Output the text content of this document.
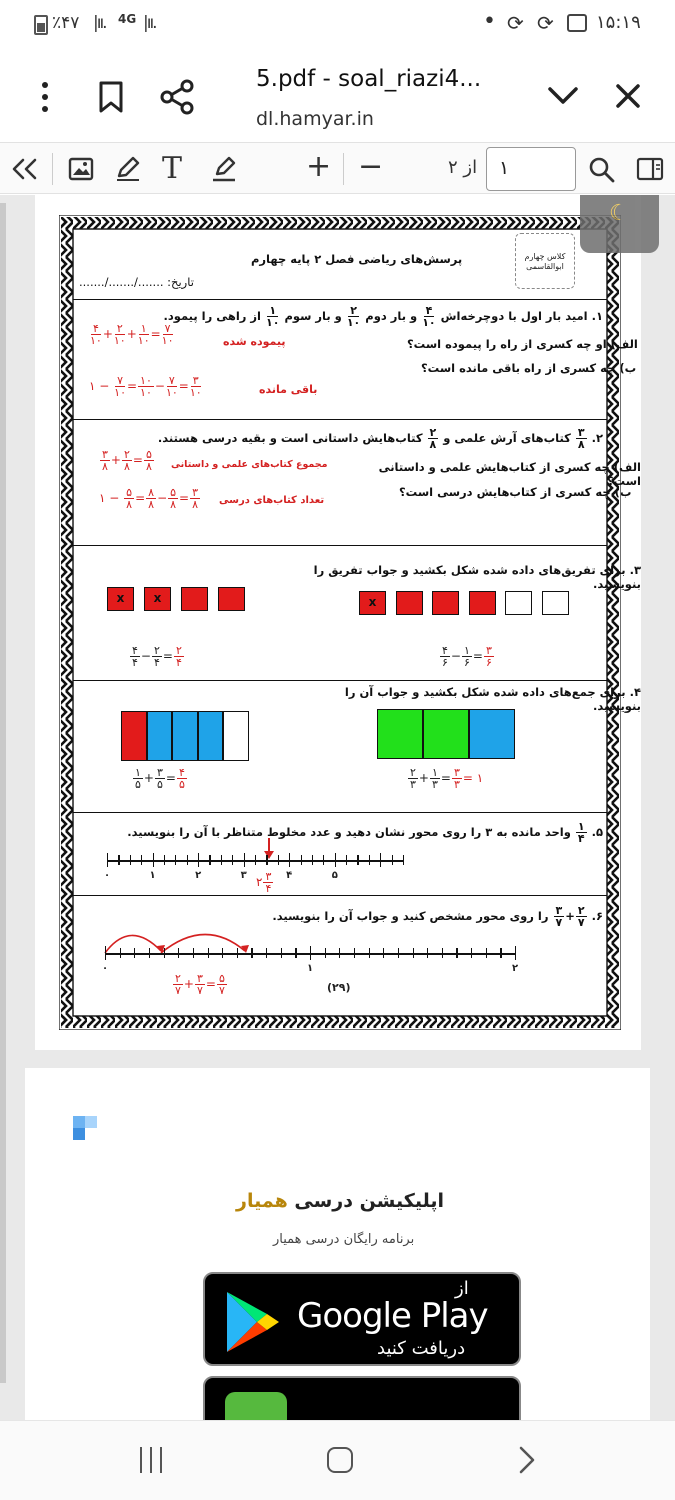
٪۴۷ |ıı. 4G |ıı.	• ⟳ ⟳ ۱۵:۱۹
5.pdf - soal_riazi4...
dl.hamyar.in
T	+ −	از ۲ ۱
کلاس چهارم
ابوالقاسمی
پرسش‌های ریاضی فصل ۲ پایه چهارم
تاریخ: ......./......./.......
۱. امید بار اول با دوچرخه‌اش
$\frac{۴}{۱۰}$
و بار دوم
$\frac{۲}{۱۰}$
و بار سوم
$\frac{۱}{۱۰}$
از راهی را پیمود.
الف) او چه کسری از راه را پیموده است؟
ب) چه کسری از راه باقی مانده است؟
$\frac{۴}{۱۰} + \frac{۲}{۱۰} + \frac{۱}{۱۰} = \frac{۷}{۱۰}$	پیموده شده
۱ − $\frac{۷}{۱۰} = \frac{۱۰}{۱۰} - \frac{۷}{۱۰} = \frac{۳}{۱۰}$	باقی مانده
۲.
$\frac{۳}{۸}$
کتاب‌های آرش علمی و
$\frac{۲}{۸}$
کتاب‌هایش داستانی است و بقیه درسی هستند.
الف) چه کسری از کتاب‌هایش علمی و داستانی است؟
ب) چه کسری از کتاب‌هایش درسی است؟
$\frac{۳}{۸} + \frac{۲}{۸} = \frac{۵}{۸}$ مجموع کتاب‌های علمی و داستانی
۱ − $\frac{۵}{۸} = \frac{۸}{۸} - \frac{۵}{۸} = \frac{۳}{۸}$ تعداد کتاب‌های درسی
۳. برای تفریق‌های داده شده شکل بکشید و جواب تفریق را بنویسید.
$\frac{۴}{۴} - \frac{۲}{۴} = \frac{۲}{۴}$	$\frac{۴}{۶} - \frac{۱}{۶} = \frac{۳}{۶}$
۴. برای جمع‌های داده شده شکل بکشید و جواب آن را بنویسید.
$\frac{۱}{۵} + \frac{۳}{۵} = \frac{۴}{۵}$	$\frac{۲}{۳} + \frac{۱}{۳} = \frac{۳}{۳}$ = ۱
۵.
$\frac{۱}{۴}$
واحد مانده به ۳ را روی محور نشان دهید و عدد مخلوط متناظر با آن را بنویسید.
۲ $\frac{۳}{۴}$
۶.
$\frac{۲}{۷}$
+
$\frac{۳}{۷}$
را روی محور مشخص کنید و جواب آن را بنویسید.
$\frac{۲}{۷} + \frac{۳}{۷} = \frac{۵}{۷}$	(۲۹)
☾
x	x	x
۰	۱	۲	۳	۴	۵
۰	۱	۲
اپلیکیشن درسی همیار
برنامه رایگان درسی همیار
از
Google Play
دریافت کنید
